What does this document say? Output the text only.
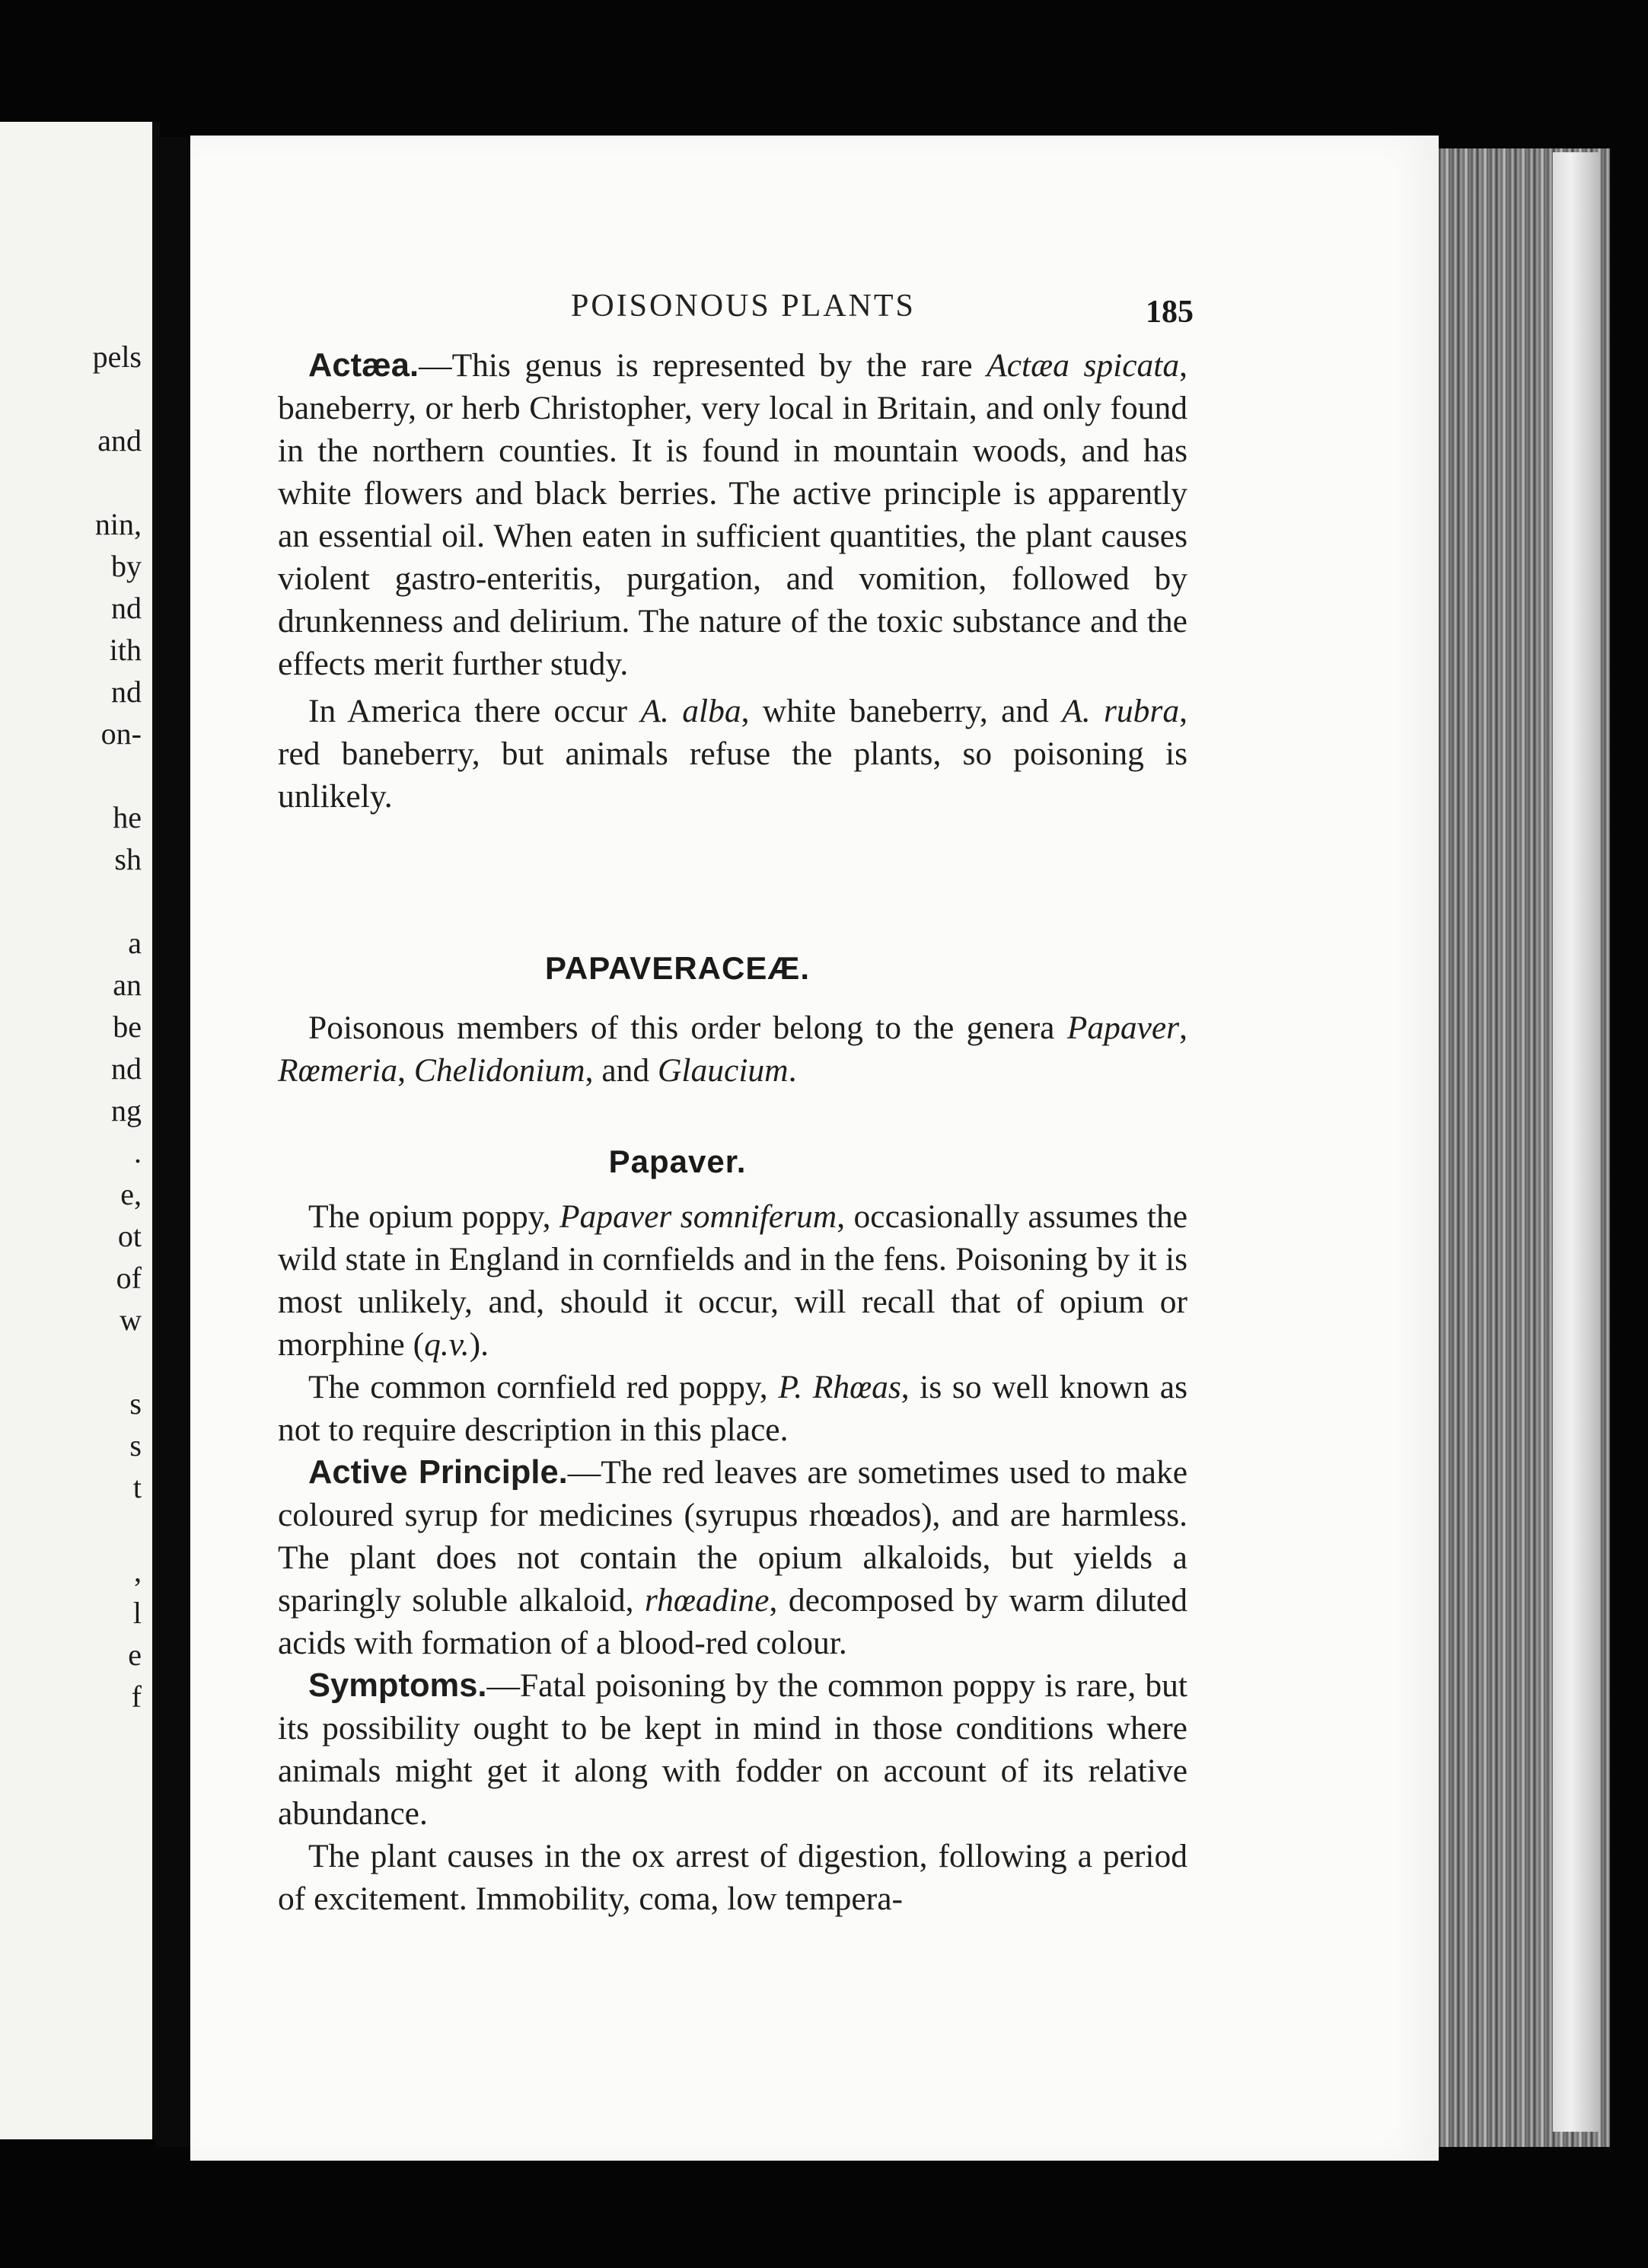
pels
and
nin,
by
nd
ith
nd
on-
he
sh
a
an
be
nd
ng
.
e,
ot
of
w
s
s
t
,
l
e
f
POISONOUS PLANTS	185

Actæa.—This genus is represented by the rare Actæa spicata, baneberry, or herb Christopher, very local in Britain, and only found in the northern counties. It is found in mountain woods, and has white flowers and black berries. The active principle is apparently an essential oil. When eaten in sufficient quantities, the plant causes violent gastro-enteritis, purgation, and vomition, followed by drunkenness and delirium. The nature of the toxic substance and the effects merit further study.

In America there occur A. alba, white baneberry, and A. rubra, red baneberry, but animals refuse the plants, so poisoning is unlikely.

PAPAVERACEÆ.

Poisonous members of this order belong to the genera Papaver, Rœmeria, Chelidonium, and Glaucium.

Papaver.

The opium poppy, Papaver somniferum, occasionally assumes the wild state in England in cornfields and in the fens. Poisoning by it is most unlikely, and, should it occur, will recall that of opium or morphine (q.v.).

The common cornfield red poppy, P. Rhœas, is so well known as not to require description in this place.

Active Principle.—The red leaves are sometimes used to make coloured syrup for medicines (syrupus rhœados), and are harmless. The plant does not contain the opium alkaloids, but yields a sparingly soluble alkaloid, rhœadine, decomposed by warm diluted acids with formation of a blood-red colour.

Symptoms.—Fatal poisoning by the common poppy is rare, but its possibility ought to be kept in mind in those conditions where animals might get it along with fodder on account of its relative abundance.

The plant causes in the ox arrest of digestion, following a period of excitement. Immobility, coma, low tempera-
